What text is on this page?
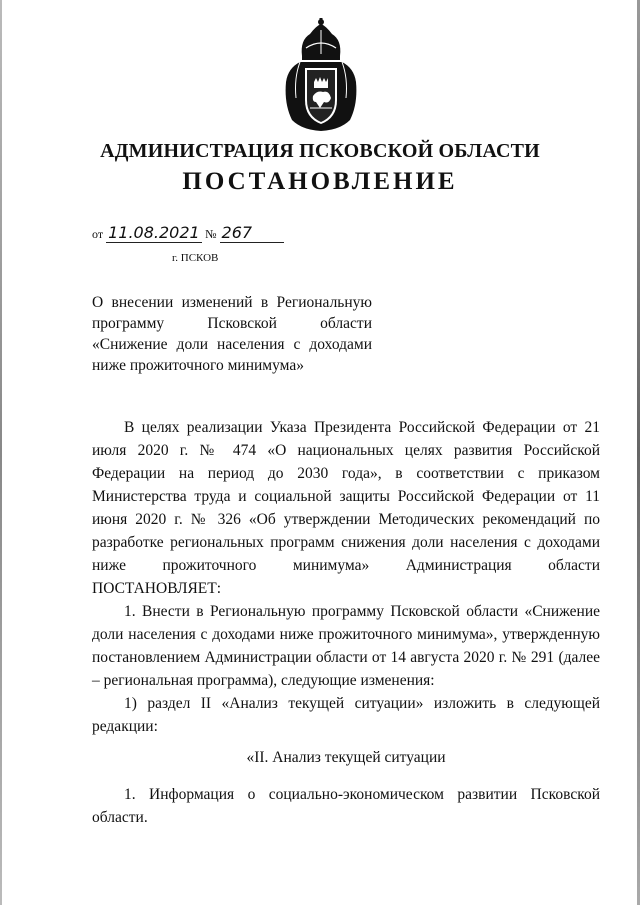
АДМИНИСТРАЦИЯ ПСКОВСКОЙ ОБЛАСТИ
ПОСТАНОВЛЕНИЕ
от 11.08.2021 № 267
г. ПСКОВ
О внесении изменений в Региональную
программу Псковской области
«Снижение доли населения с доходами
ниже прожиточного минимума»

В целях реализации Указа Президента Российской Федерации от 21 июля 2020 г. № 474 «О национальных целях развития Российской Федерации на период до 2030 года», в соответствии с приказом Министерства труда и социальной защиты Российской Федерации от 11 июня 2020 г. № 326 «Об утверждении Методических рекомендаций по разработке региональных программ снижения доли населения с доходами ниже прожиточного минимума» Администрация области ПОСТАНОВЛЯЕТ:

1. Внести в Региональную программу Псковской области «Снижение доли населения с доходами ниже прожиточного минимума», утвержденную постановлением Администрации области от 14 августа 2020 г. № 291 (далее – региональная программа), следующие изменения:

1) раздел II «Анализ текущей ситуации» изложить в следующей редакции:

«II. Анализ текущей ситуации

1. Информация о социально-экономическом развитии Псковской области.
